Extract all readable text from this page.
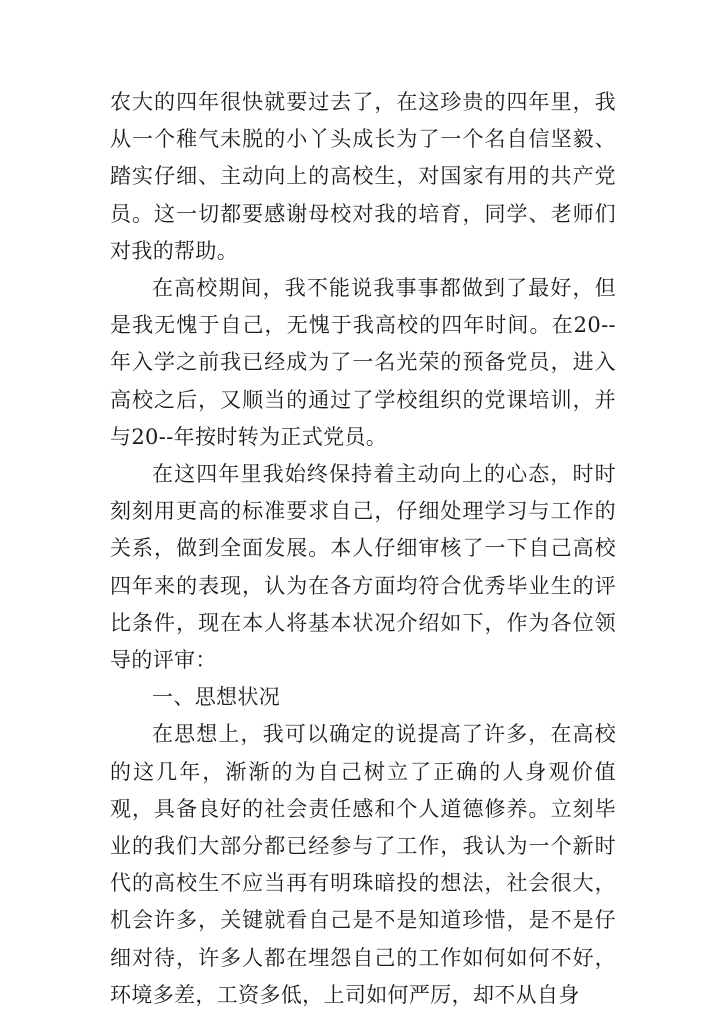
农大的四年很快就要过去了，在这珍贵的四年里，我从一个稚气未脱的小丫头成长为了一个名自信坚毅、踏实仔细、主动向上的高校生，对国家有用的共产党员。这一切都要感谢母校对我的培育，同学、老师们对我的帮助。

在高校期间，我不能说我事事都做到了最好，但是我无愧于自己，无愧于我高校的四年时间。在20--年入学之前我已经成为了一名光荣的预备党员，进入高校之后，又顺当的通过了学校组织的党课培训，并与20--年按时转为正式党员。

在这四年里我始终保持着主动向上的心态，时时刻刻用更高的标准要求自己，仔细处理学习与工作的关系，做到全面发展。本人仔细审核了一下自己高校四年来的表现，认为在各方面均符合优秀毕业生的评比条件，现在本人将基本状况介绍如下，作为各位领导的评审：

一、思想状况

在思想上，我可以确定的说提高了许多，在高校的这几年，渐渐的为自己树立了正确的人身观价值观，具备良好的社会责任感和个人道德修养。立刻毕业的我们大部分都已经参与了工作，我认为一个新时代的高校生不应当再有明珠暗投的想法，社会很大，机会许多，关键就看自己是不是知道珍惜，是不是仔细对待，许多人都在埋怨自己的工作如何如何不好，环境多差，工资多低，上司如何严厉，却不从自身
